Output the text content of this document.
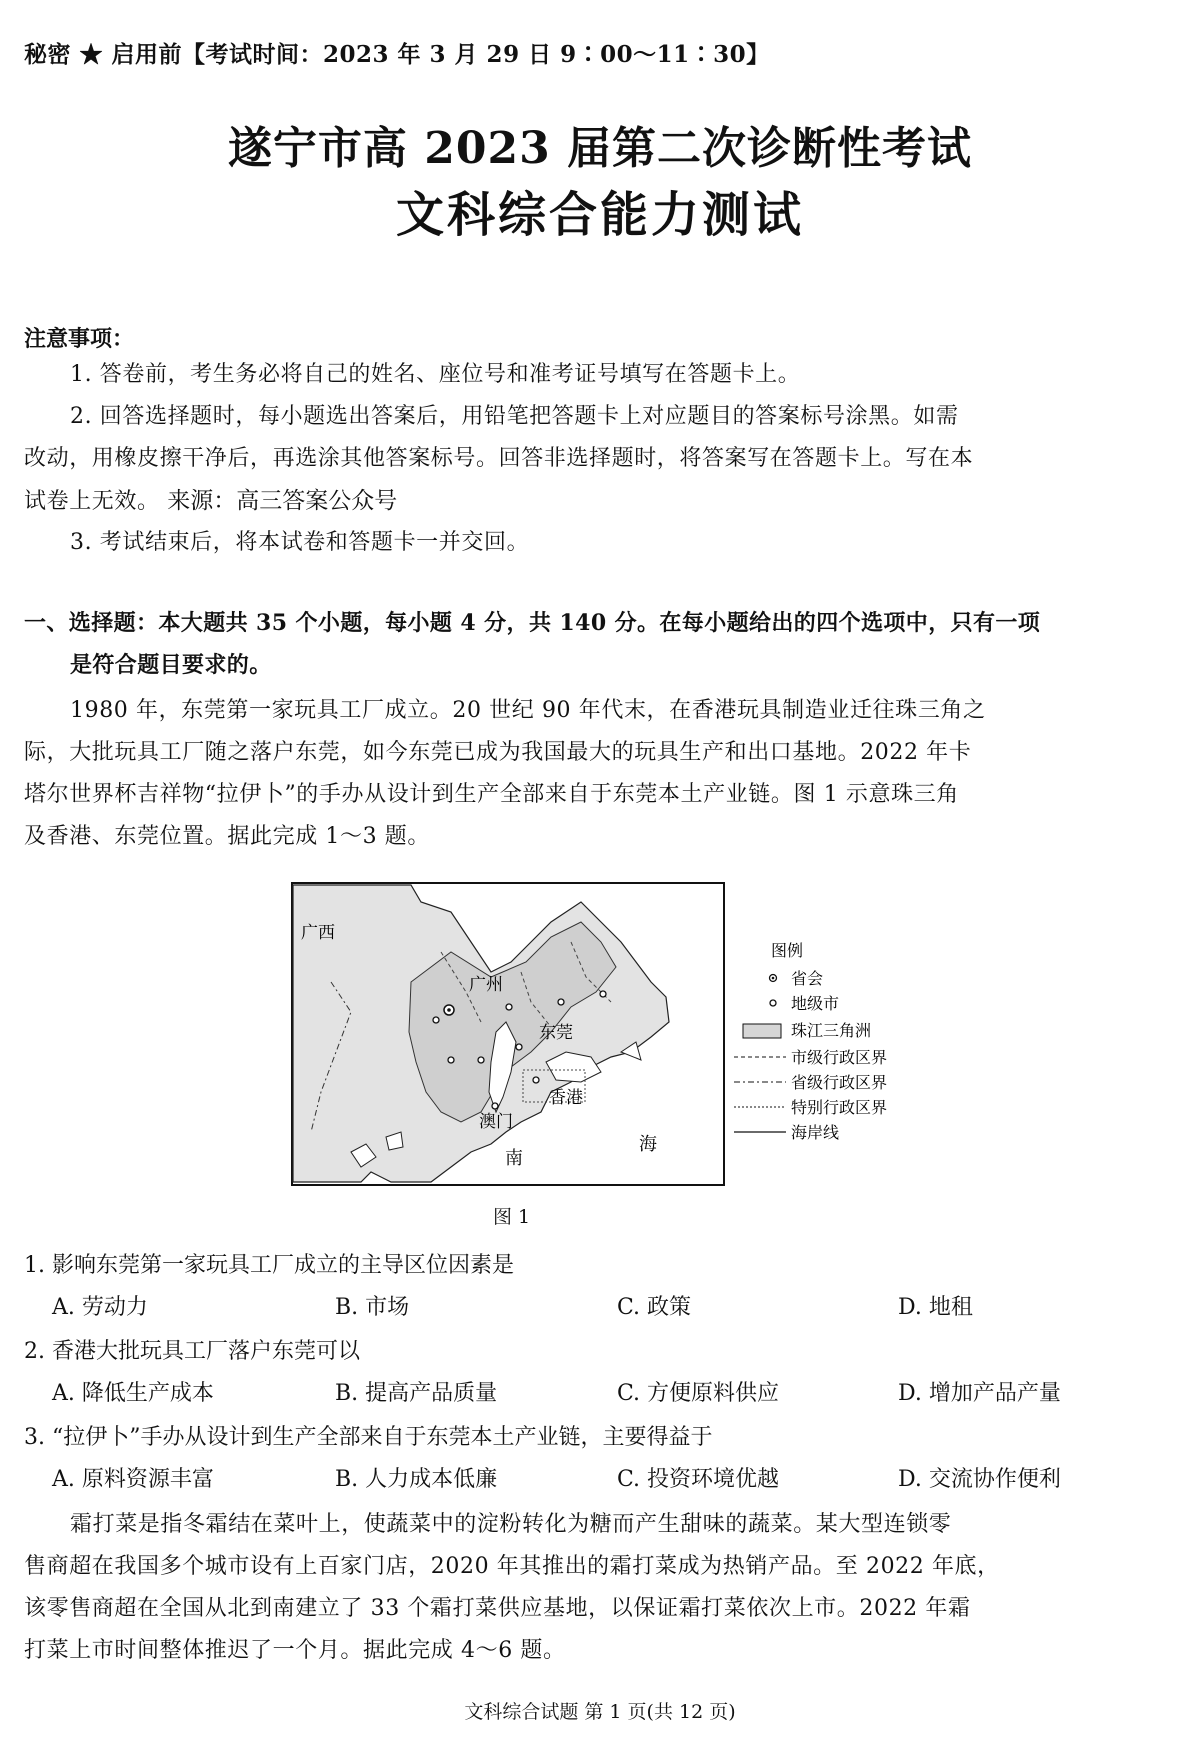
秘密 ★ 启用前【考试时间：2023 年 3 月 29 日 9∶00～11∶30】
遂宁市高 2023 届第二次诊断性考试
文科综合能力测试
注意事项：
1. 答卷前，考生务必将自己的姓名、座位号和准考证号填写在答题卡上。
2. 回答选择题时，每小题选出答案后，用铅笔把答题卡上对应题目的答案标号涂黑。如需
改动，用橡皮擦干净后，再选涂其他答案标号。回答非选择题时，将答案写在答题卡上。写在本
试卷上无效。 来源：高三答案公众号
3. 考试结束后，将本试卷和答题卡一并交回。
一、选择题：本大题共 35 个小题，每小题 4 分，共 140 分。在每小题给出的四个选项中，只有一项
是符合题目要求的。
1980 年，东莞第一家玩具工厂成立。20 世纪 90 年代末，在香港玩具制造业迁往珠三角之
际，大批玩具工厂随之落户东莞，如今东莞已成为我国最大的玩具生产和出口基地。2022 年卡
塔尔世界杯吉祥物“拉伊卜”的手办从设计到生产全部来自于东莞本土产业链。图 1 示意珠三角
及香港、东莞位置。据此完成 1～3 题。
广西
广州
东莞
香港
澳门
南
海
图例
省会
地级市
珠江三角洲
市级行政区界
省级行政区界
特别行政区界
海岸线
图 1
1. 影响东莞第一家玩具工厂成立的主导区位因素是
A. 劳动力	B. 市场	C. 政策	D. 地租
2. 香港大批玩具工厂落户东莞可以
A. 降低生产成本	B. 提高产品质量	C. 方便原料供应	D. 增加产品产量
3. “拉伊卜”手办从设计到生产全部来自于东莞本土产业链，主要得益于
A. 原料资源丰富	B. 人力成本低廉	C. 投资环境优越	D. 交流协作便利
霜打菜是指冬霜结在菜叶上，使蔬菜中的淀粉转化为糖而产生甜味的蔬菜。某大型连锁零
售商超在我国多个城市设有上百家门店，2020 年其推出的霜打菜成为热销产品。至 2022 年底，
该零售商超在全国从北到南建立了 33 个霜打菜供应基地，以保证霜打菜依次上市。2022 年霜
打菜上市时间整体推迟了一个月。据此完成 4～6 题。
文科综合试题 第 1 页(共 12 页)
